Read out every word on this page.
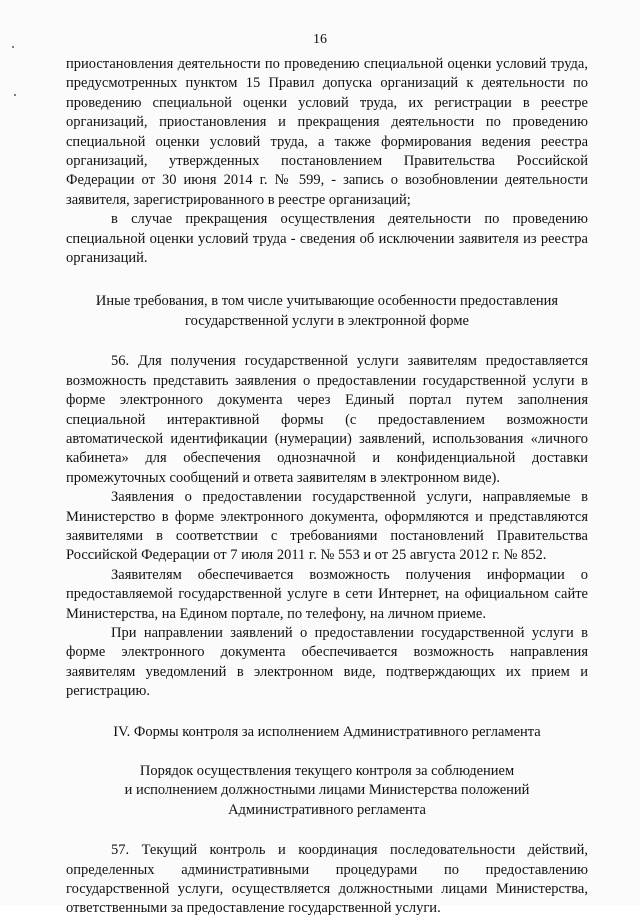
16

приостановления деятельности по проведению специальной оценки условий труда, предусмотренных пунктом 15 Правил допуска организаций к деятельности по проведению специальной оценки условий труда, их регистрации в реестре организаций, приостановления и прекращения деятельности по проведению специальной оценки условий труда, а также формирования ведения реестра организаций, утвержденных постановлением Правительства Российской Федерации от 30 июня 2014 г. № 599, - запись о возобновлении деятельности заявителя, зарегистрированного в реестре организаций;

в случае прекращения осуществления деятельности по проведению специальной оценки условий труда - сведения об исключении заявителя из реестра организаций.

Иные требования, в том числе учитывающие особенности предоставления государственной услуги в электронной форме

56. Для получения государственной услуги заявителям предоставляется возможность представить заявления о предоставлении государственной услуги в форме электронного документа через Единый портал путем заполнения специальной интерактивной формы (с предоставлением возможности автоматической идентификации (нумерации) заявлений, использования «личного кабинета» для обеспечения однозначной и конфиденциальной доставки промежуточных сообщений и ответа заявителям в электронном виде).

Заявления о предоставлении государственной услуги, направляемые в Министерство в форме электронного документа, оформляются и представляются заявителями в соответствии с требованиями постановлений Правительства Российской Федерации от 7 июля 2011 г. № 553 и от 25 августа 2012 г. № 852.

Заявителям обеспечивается возможность получения информации о предоставляемой государственной услуге в сети Интернет, на официальном сайте Министерства, на Едином портале, по телефону, на личном приеме.

При направлении заявлений о предоставлении государственной услуги в форме электронного документа обеспечивается возможность направления заявителям уведомлений в электронном виде, подтверждающих их прием и регистрацию.

IV. Формы контроля за исполнением Административного регламента

Порядок осуществления текущего контроля за соблюдением

и исполнением должностными лицами Министерства положений

Административного регламента

57. Текущий контроль и координация последовательности действий, определенных административными процедурами по предоставлению государственной услуги, осуществляется должностными лицами Министерства, ответственными за предоставление государственной услуги.
